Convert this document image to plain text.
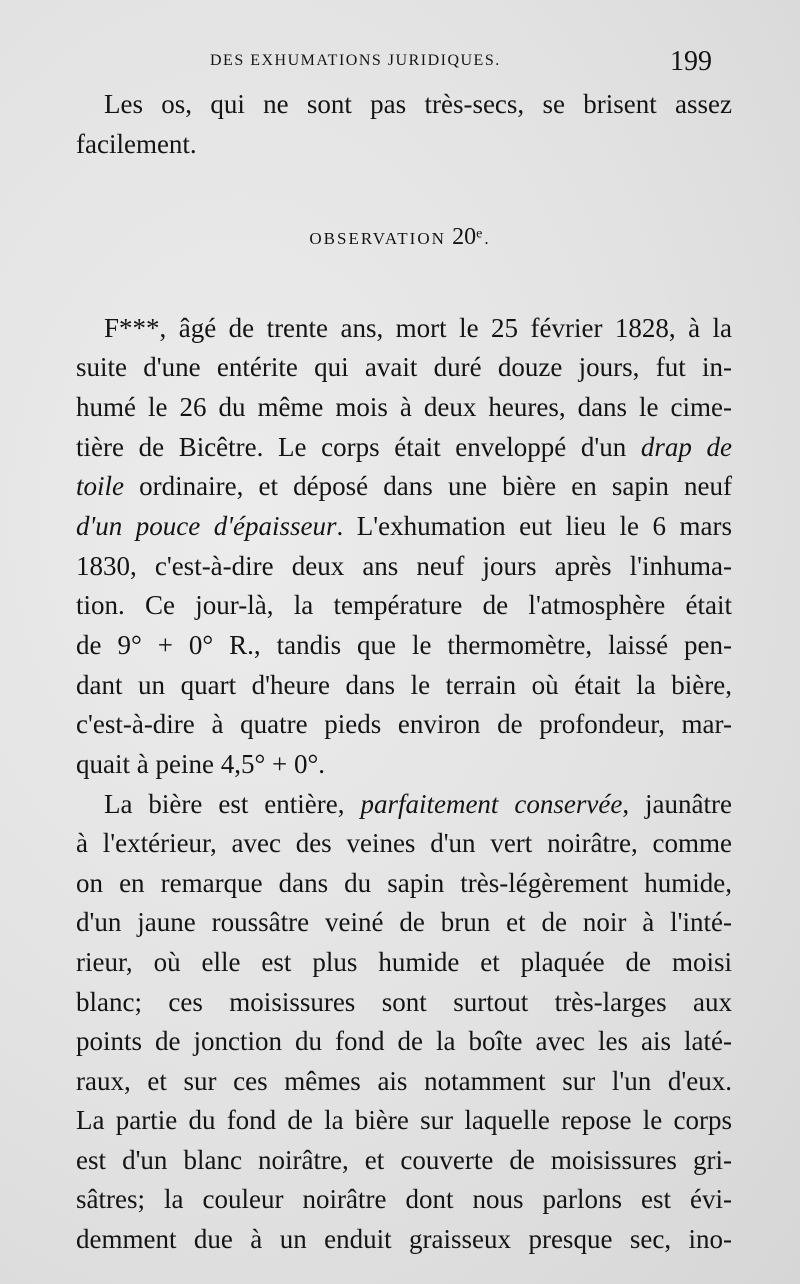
DES EXHUMATIONS JURIDIQUES.	199
Les os, qui ne sont pas très-secs, se brisent assez
facilement.
OBSERVATION 20e.
F***, âgé de trente ans, mort le 25 février 1828, à la
suite d'une entérite qui avait duré douze jours, fut in-
humé le 26 du même mois à deux heures, dans le cime-
tière de Bicêtre. Le corps était enveloppé d'un drap de
toile ordinaire, et déposé dans une bière en sapin neuf
d'un pouce d'épaisseur. L'exhumation eut lieu le 6 mars
1830, c'est-à-dire deux ans neuf jours après l'inhuma-
tion. Ce jour-là, la température de l'atmosphère était
de 9° + 0° R., tandis que le thermomètre, laissé pen-
dant un quart d'heure dans le terrain où était la bière,
c'est-à-dire à quatre pieds environ de profondeur, mar-
quait à peine 4,5° + 0°.
La bière est entière, parfaitement conservée, jaunâtre
à l'extérieur, avec des veines d'un vert noirâtre, comme
on en remarque dans du sapin très-légèrement humide,
d'un jaune roussâtre veiné de brun et de noir à l'inté-
rieur, où elle est plus humide et plaquée de moisi
blanc; ces moisissures sont surtout très-larges aux
points de jonction du fond de la boîte avec les ais laté-
raux, et sur ces mêmes ais notamment sur l'un d'eux.
La partie du fond de la bière sur laquelle repose le corps
est d'un blanc noirâtre, et couverte de moisissures gri-
sâtres; la couleur noirâtre dont nous parlons est évi-
demment due à un enduit graisseux presque sec, ino-
